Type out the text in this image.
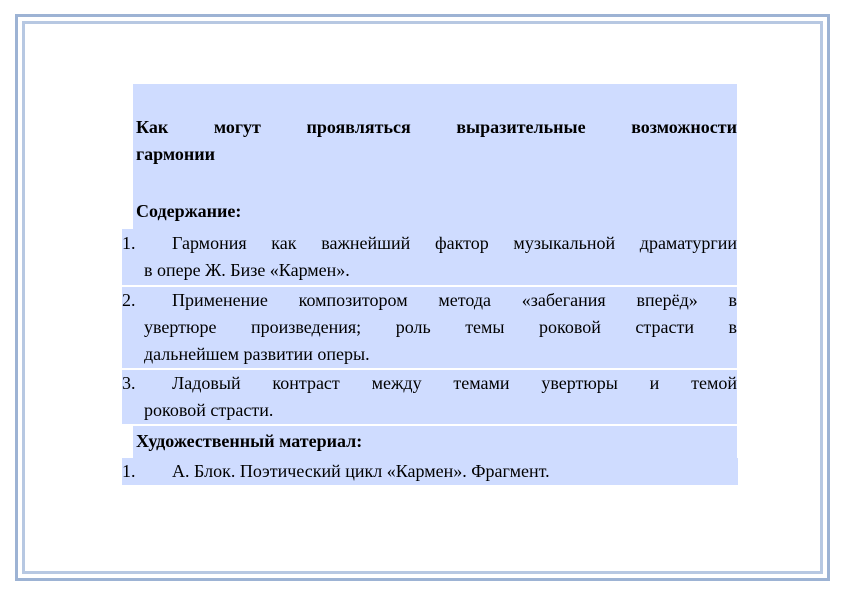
Как могут проявляться выразительные возможности
гармонии

Содержание:

1.	Гармония как важнейший фактор музыкальной драматургии
в опере Ж. Бизе «Кармен».
2.	Применение композитором метода «забегания вперёд» в
увертюре произведения; роль темы роковой страсти в
дальнейшем развитии оперы.
3.	Ладовый контраст между темами увертюры и темой
роковой страсти.

Художественный материал:

1.	А. Блок. Поэтический цикл «Кармен». Фрагмент.
